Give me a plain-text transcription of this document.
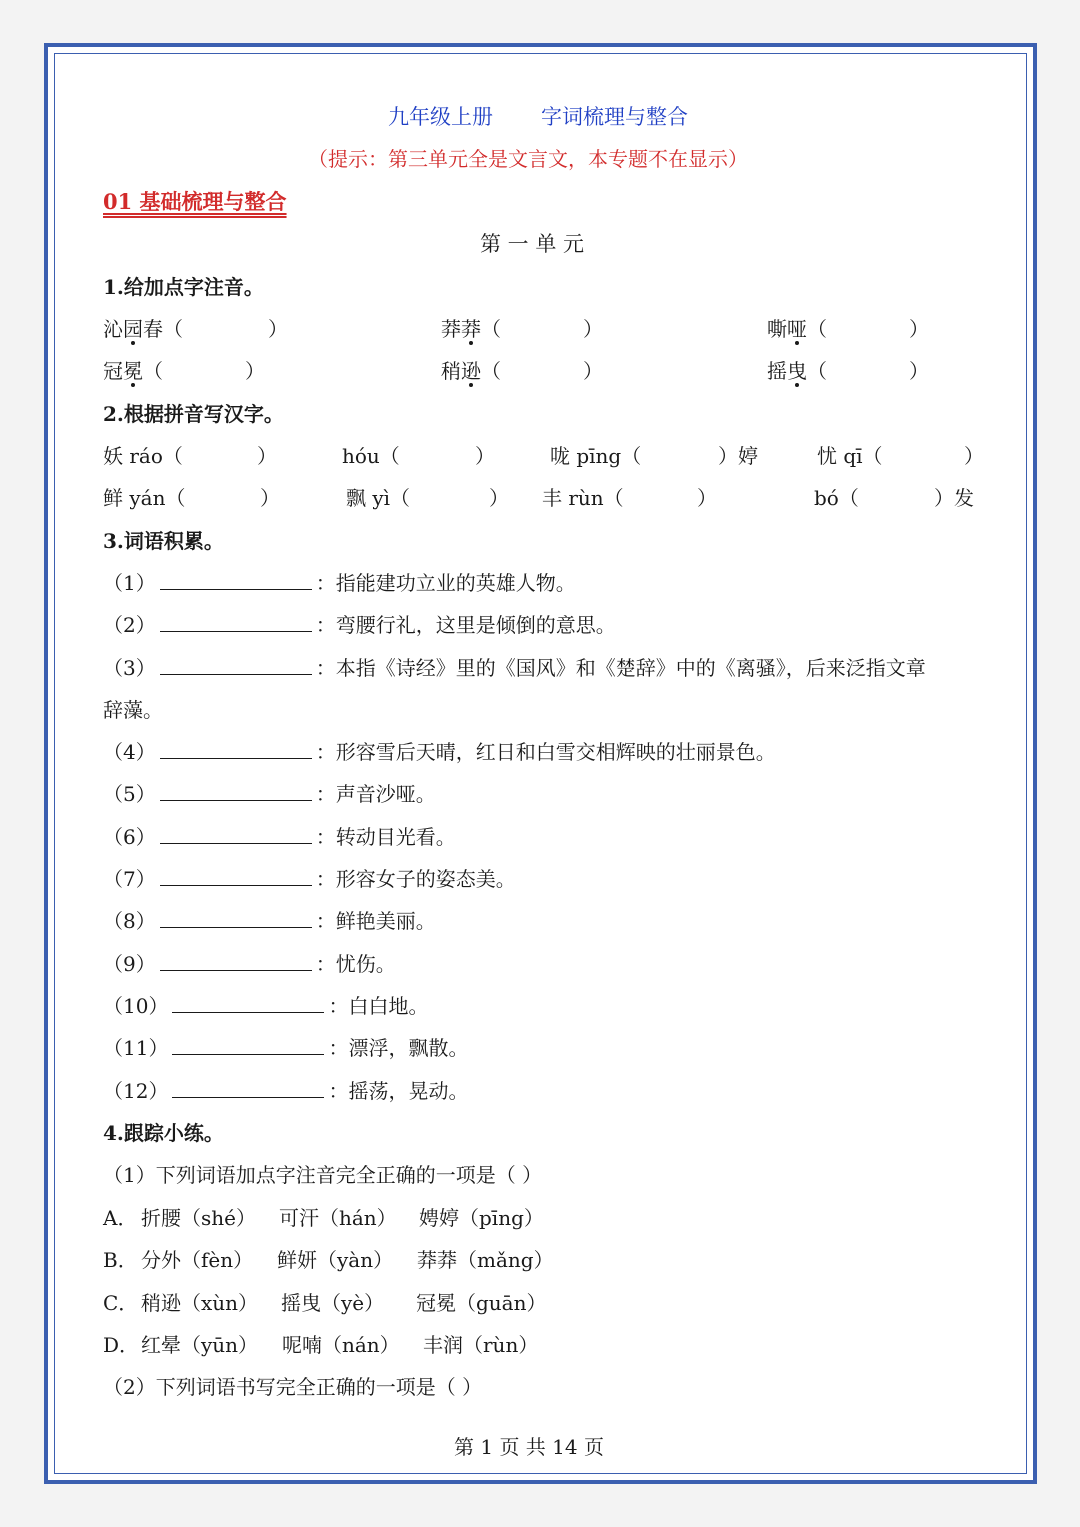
九年级上册 字词梳理与整合
（提示：第三单元全是文言文，本专题不在显示）
01 基础梳理与整合
第 一 单 元
1.给加点字注音。
沁园春（	）	莽莽（	）	嘶哑（	）
冠冕（	）	稍逊（	）	摇曳（	）
2.根据拼音写汉字。
妖 ráo（	）	hóu（	）	咙 pīng（	）婷	忧 qī（	）
鲜 yán（	）	飘 yì（	） 丰 rùn（	）	bó（	）发
3.词语积累。
（1）	：指能建功立业的英雄人物。
（2）	：弯腰行礼，这里是倾倒的意思。
（3）	：本指《诗经》里的《国风》和《楚辞》中的《离骚》，后来泛指文章
辞藻。
（4）	：形容雪后天晴，红日和白雪交相辉映的壮丽景色。
（5）	：声音沙哑。
（6）	：转动目光看。
（7）	：形容女子的姿态美。
（8）	：鲜艳美丽。
（9）	：忧伤。
（10）	：白白地。
（11）	：漂浮，飘散。
（12）	：摇荡，晃动。
4.跟踪小练。
（1）下列词语加点字注音完全正确的一项是（ ）
A． 折腰（shé） 可汗（hán） 娉婷（pīng）
B． 分外（fèn） 鲜妍（yàn） 莽莽（mǎng）
C． 稍逊（xùn） 摇曳（yè） 冠冕（guān）
D． 红晕（yūn） 呢喃（nán） 丰润（rùn）
（2）下列词语书写完全正确的一项是（ ）
第 1 页 共 14 页
